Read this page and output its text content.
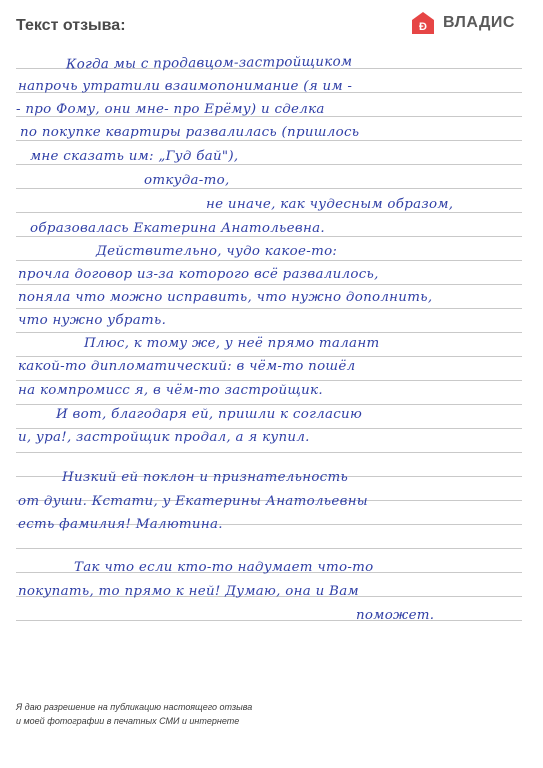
Текст отзыва:	Ð ВЛАДИС
Когда мы с продавцом-застройщиком
напрочь утратили взаимопонимание (я им -
- про Фому, они мне- про Ерёму) и сделка
по покупке квартиры развалилась (пришлось
мне сказать им: „Гуд бай"),
откуда-то,
не иначе, как чудесным образом,
образовалась Екатерина Анатольевна.
Действительно, чудо какое-то:
прочла договор из-за которого всё развалилось,
поняла что можно исправить, что нужно дополнить,
что нужно убрать.
Плюс, к тому же, у неё прямо талант
какой-то дипломатический: в чём-то пошёл
на компромисс я, в чём-то застройщик.
И вот, благодаря ей, пришли к согласию
и, ура!, застройщик продал, а я купил.
Низкий ей поклон и признательность
от души. Кстати, у Екатерины Анатольевны
есть фамилия! Малютина.
Так что если кто-то надумает что-то
покупать, то прямо к ней! Думаю, она и Вам
поможет.
Я даю разрешение на публикацию настоящего отзыва
и моей фотографии в печатных СМИ и интернете
